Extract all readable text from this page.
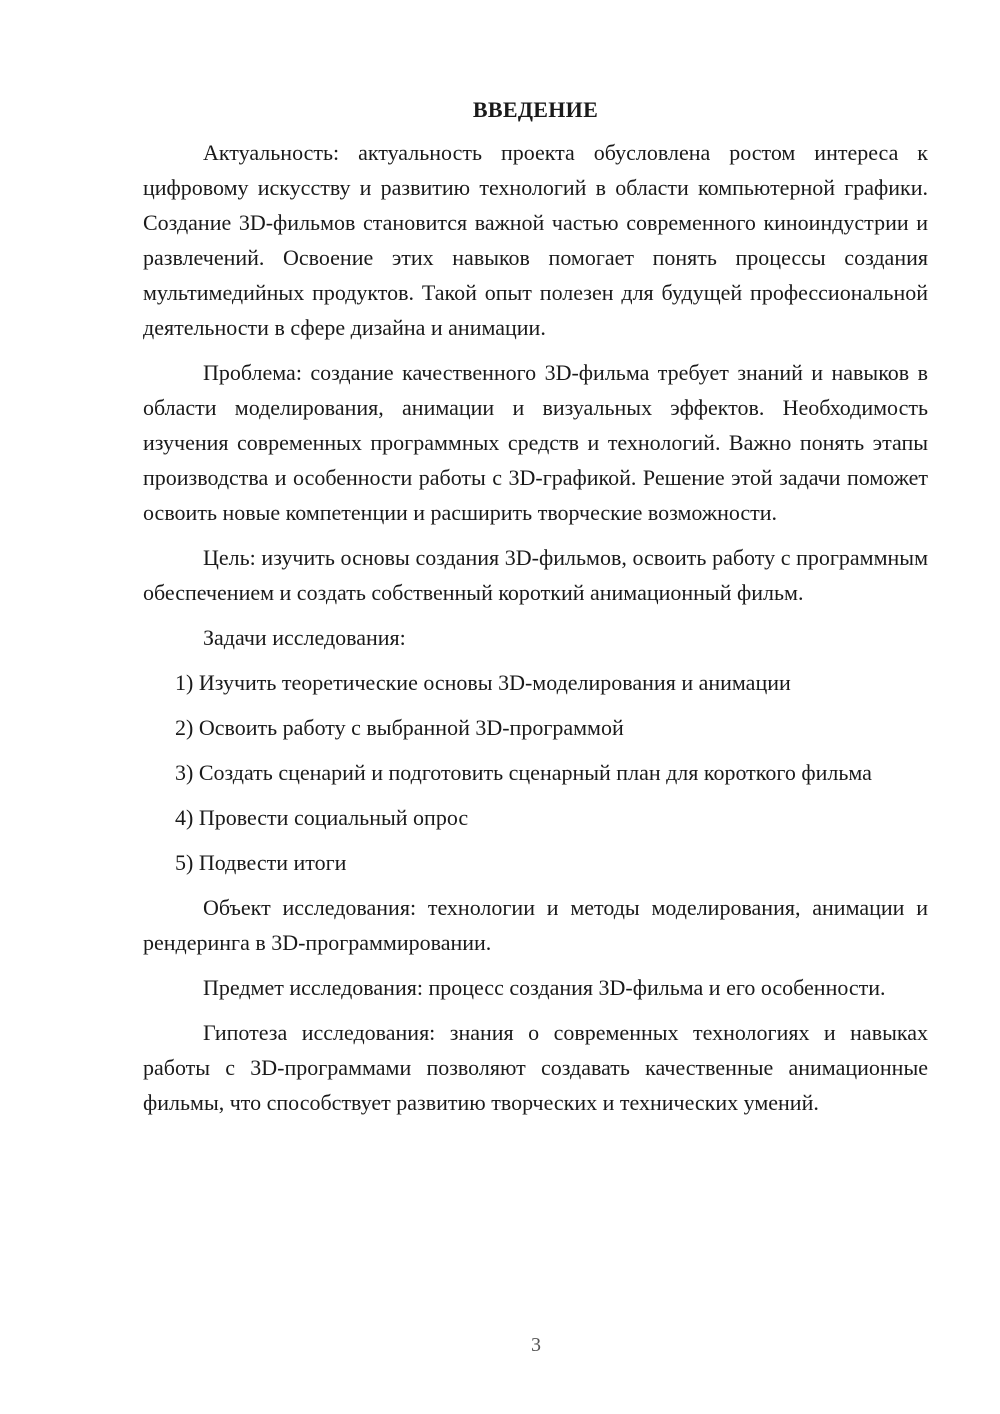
ВВЕДЕНИЕ

Актуальность: актуальность проекта обусловлена ростом интереса к цифровому искусству и развитию технологий в области компьютерной графики. Создание 3D-фильмов становится важной частью современного киноиндустрии и развлечений. Освоение этих навыков помогает понять процессы создания мультимедийных продуктов. Такой опыт полезен для будущей профессиональной деятельности в сфере дизайна и анимации.

Проблема: создание качественного 3D-фильма требует знаний и навыков в области моделирования, анимации и визуальных эффектов. Необходимость изучения современных программных средств и технологий. Важно понять этапы производства и особенности работы с 3D-графикой. Решение этой задачи поможет освоить новые компетенции и расширить творческие возможности.

Цель: изучить основы создания 3D-фильмов, освоить работу с программным обеспечением и создать собственный короткий анимационный фильм.

Задачи исследования:

1) Изучить теоретические основы 3D-моделирования и анимации

2) Освоить работу с выбранной 3D-программой

3) Создать сценарий и подготовить сценарный план для короткого фильма

4) Провести социальный опрос

5) Подвести итоги

Объект исследования: технологии и методы моделирования, анимации и рендеринга в 3D-программировании.

Предмет исследования: процесс создания 3D-фильма и его особенности.

Гипотеза исследования: знания о современных технологиях и навыках работы с 3D-программами позволяют создавать качественные анимационные фильмы, что способствует развитию творческих и технических умений.

3
